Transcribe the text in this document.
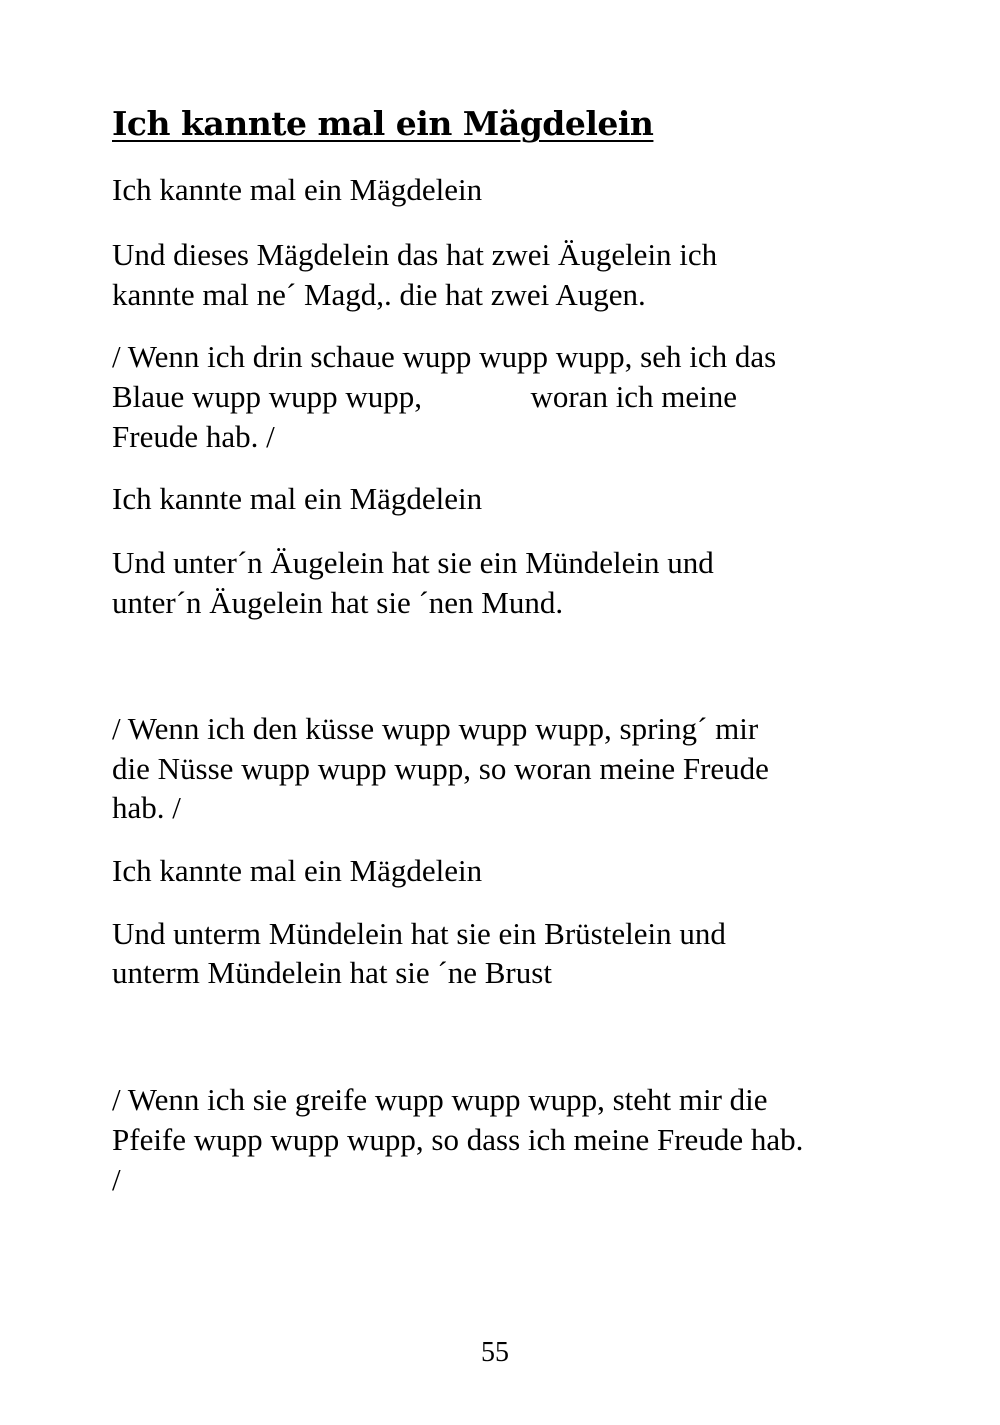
Ich kannte mal ein Mägdelein
Ich kannte mal ein Mägdelein
Und dieses Mägdelein das hat zwei Äugelein ich
kannte mal ne´ Magd,. die hat zwei Augen.
/ Wenn ich drin schaue wupp wupp wupp, seh ich das
Blaue wupp wupp wupp,              woran ich meine
Freude hab. /
Ich kannte mal ein Mägdelein
Und unter´n Äugelein hat sie ein Mündelein und
unter´n Äugelein hat sie ´nen Mund.
/ Wenn ich den küsse wupp wupp wupp, spring´ mir
die Nüsse wupp wupp wupp, so woran meine Freude
hab. /
Ich kannte mal ein Mägdelein
Und unterm Mündelein hat sie ein Brüstelein und
unterm Mündelein hat sie ´ne Brust
/ Wenn ich sie greife wupp wupp wupp, steht mir die
Pfeife wupp wupp wupp, so dass ich meine Freude hab.
/
55
